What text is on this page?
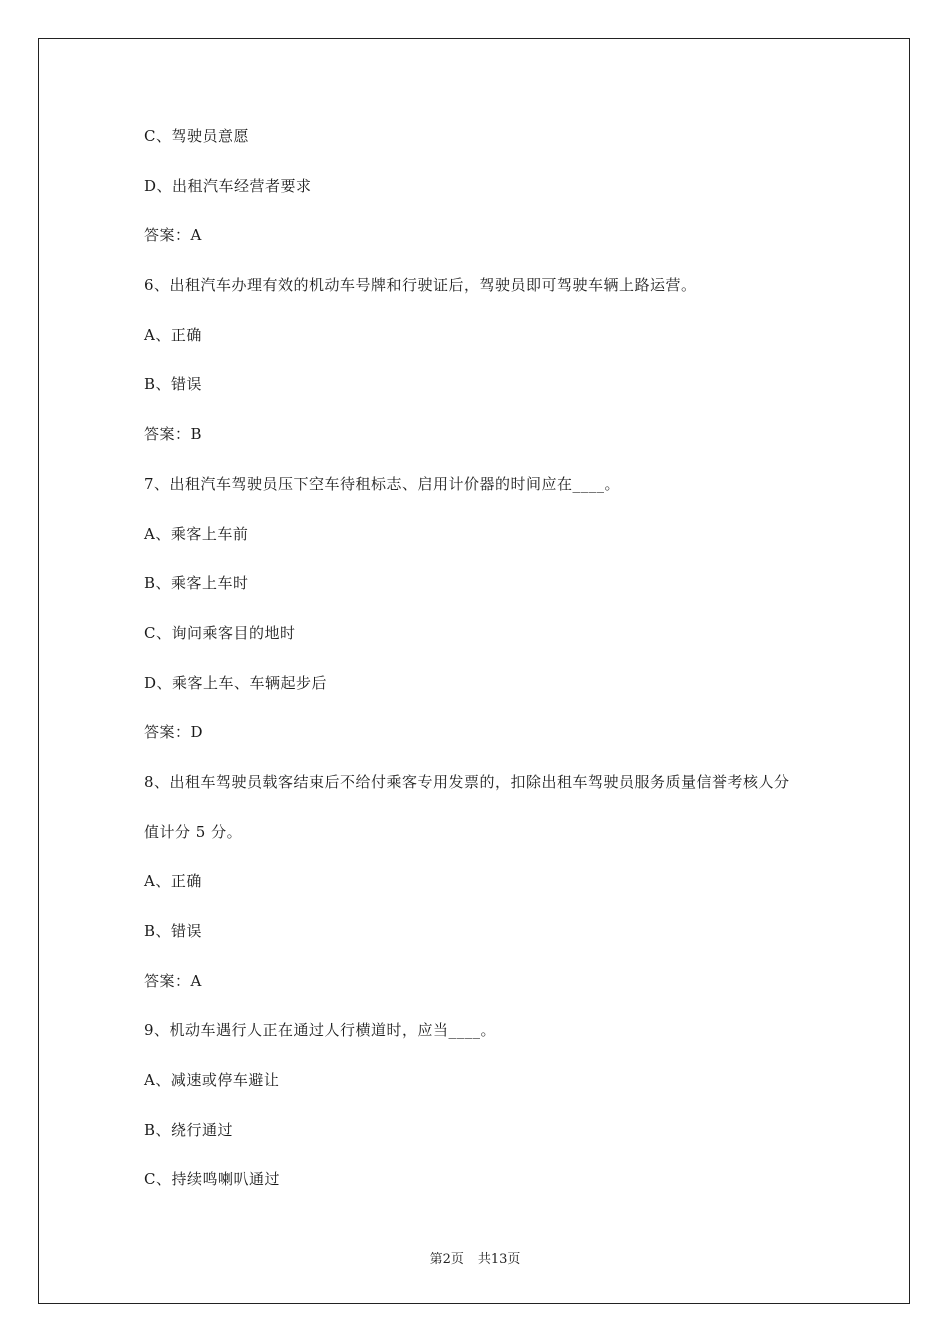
C、驾驶员意愿
D、出租汽车经营者要求
答案：A
6、出租汽车办理有效的机动车号牌和行驶证后，驾驶员即可驾驶车辆上路运营。
A、正确
B、错误
答案：B
7、出租汽车驾驶员压下空车待租标志、启用计价器的时间应在____。
A、乘客上车前
B、乘客上车时
C、询问乘客目的地时
D、乘客上车、车辆起步后
答案：D
8、出租车驾驶员载客结束后不给付乘客专用发票的，扣除出租车驾驶员服务质量信誉考核人分
值计分 5 分。
A、正确
B、错误
答案：A
9、机动车遇行人正在通过人行横道时，应当____。
A、减速或停车避让
B、绕行通过
C、持续鸣喇叭通过
第2页 共13页
